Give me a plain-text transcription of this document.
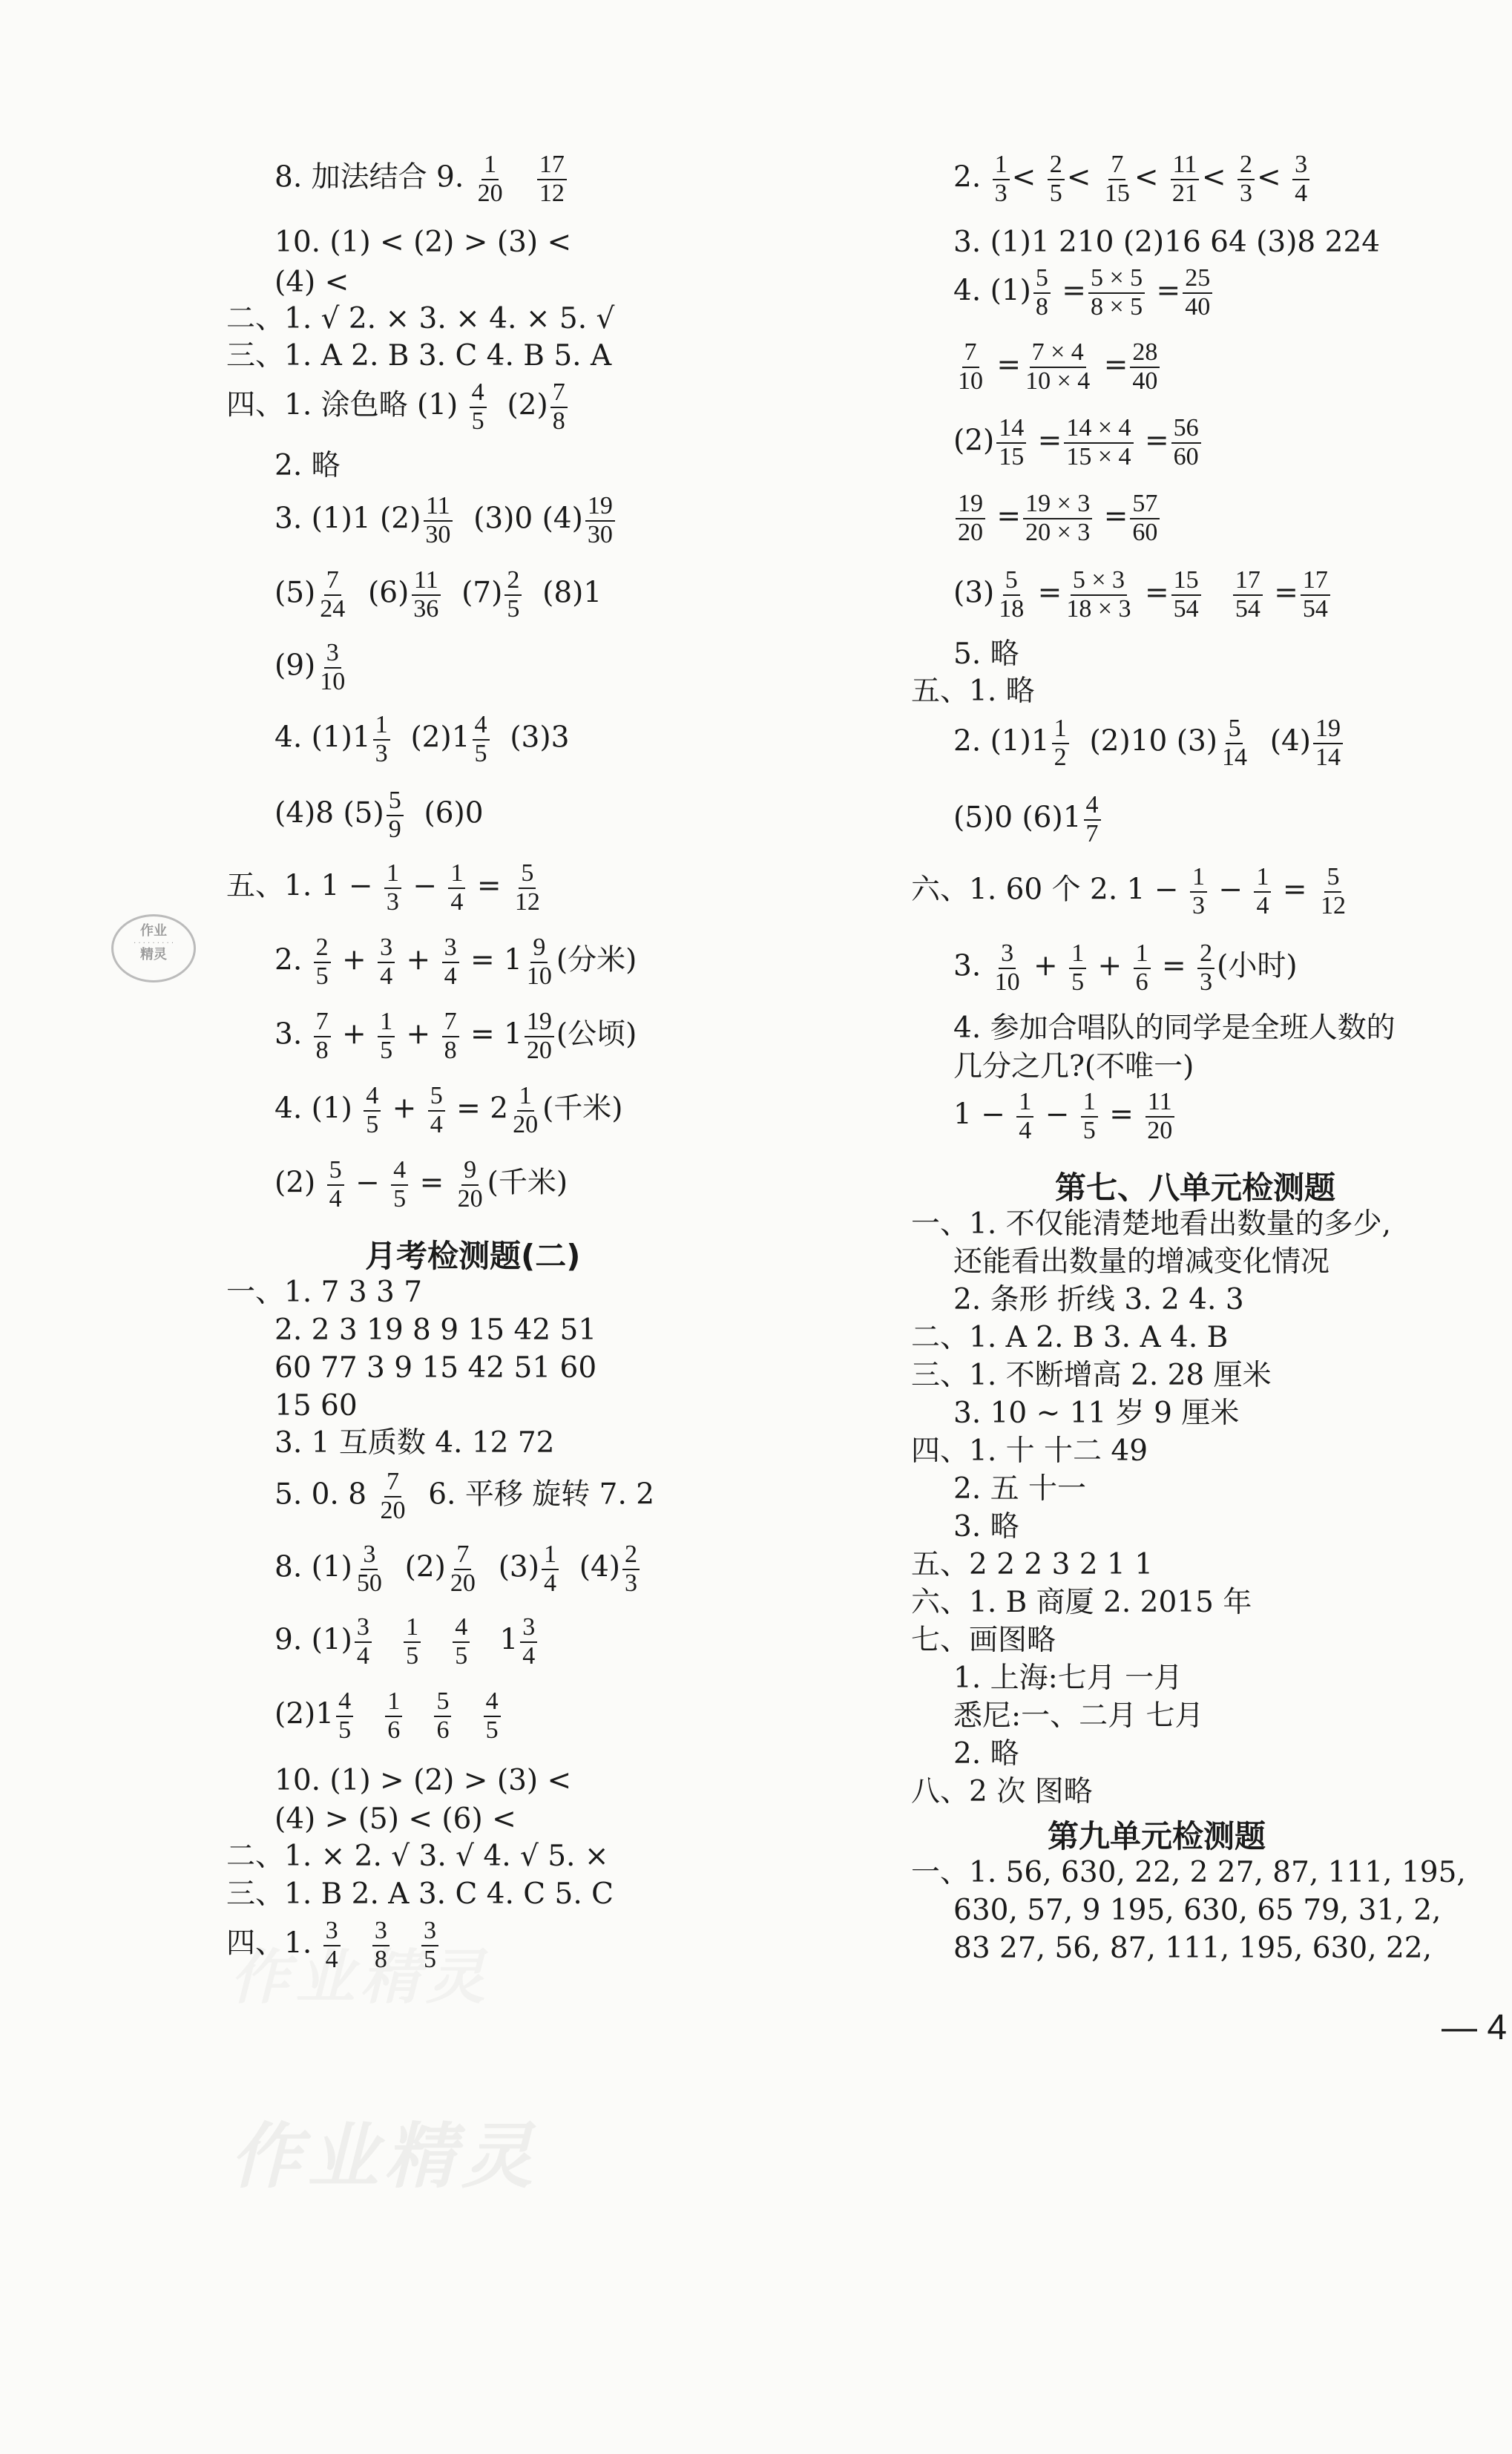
8. 加法结合 9. $\frac{1}{20}$
$\frac{17}{12}$
10. (1) < (2) > (3) <
(4) <
二、1. √ 2. × 3. × 4. × 5. √
三、1. A 2. B 3. C 4. B 5. A
四、1. 涂色略 $(1) \frac{4}{5} (2) \frac{7}{8}$
2. 略
3. (1)1 $(2) \frac{11}{30} (3)0$ $(4) \frac{19}{30}$
$(5) \frac{7}{24} (6) \frac{11}{36} (7) \frac{2}{5} (8)1$
$(9) \frac{3}{10}$
4. $(1)1 \frac{1}{3} (2)1 \frac{4}{5} (3)3$
(4)8 $(5) \frac{5}{9} (6)0$
五、1. $1 - \frac{1}{3} - \frac{1}{4} = \frac{5}{12}$
2. $\frac{2}{5} + \frac{3}{4} + \frac{3}{4} = 1 \frac{9}{10}$ (分米)
3. $\frac{7}{8} + \frac{1}{5} + \frac{7}{8} = 1 \frac{19}{20}$ (公顷)
4. $(1) \frac{4}{5} + \frac{5}{4} = 2 \frac{1}{20}$ (千米)
$(2) \frac{5}{4} - \frac{4}{5} = \frac{9}{20}$ (千米)
月考检测题(二)
一、1. 7 3 3 7
2. 2 3 19 8 9 15 42 51
60 77 3 9 15 42 51 60
15 60
3. 1 互质数 4. 12 72
5. 0. $8 \frac{7}{20} 6$. 平移 旋转 7. 2
8. $(1) \frac{3}{50} (2) \frac{7}{20} (3) \frac{1}{4} (4) \frac{2}{3}$
9. $(1) \frac{3}{4}$
$\frac{1}{5}$
$\frac{4}{5} 1 \frac{3}{4}$
$(2)1 \frac{4}{5}$
$\frac{1}{6}$
$\frac{5}{6}$
$\frac{4}{5}$
10. (1) > (2) > (3) <
(4) > (5) < (6) <
二、1. × 2. √ 3. √ 4. √ 5. ×
三、1. B 2. A 3. C 4. C 5. C
四、1. $\frac{3}{4}$
$\frac{3}{8}$
$\frac{3}{5}$
2. $\frac{1}{3} < \frac{2}{5} < \frac{7}{15} < \frac{11}{21} < \frac{2}{3} < \frac{3}{4}$
3. (1)1 210 (2)16 64 (3)8 224
4. $(1) \frac{5}{8} = \frac{5 \times 5}{8 \times 5} = \frac{25}{40}$
$\frac{7}{10} = \frac{7 \times 4}{10 \times 4} = \frac{28}{40}$
$(2) \frac{14}{15} = \frac{14 \times 4}{15 \times 4} = \frac{56}{60}$
$\frac{19}{20} = \frac{19 \times 3}{20 \times 3} = \frac{57}{60}$
$(3) \frac{5}{18} = \frac{5 \times 3}{18 \times 3} = \frac{15}{54}$
$\frac{17}{54} = \frac{17}{54}$
5. 略
五、1. 略
2. $(1)1 \frac{1}{2} (2)10$ $(3) \frac{5}{14} (4) \frac{19}{14}$
(5)0 $(6)1 \frac{4}{7}$
六、1. 60 个 2. $1 - \frac{1}{3} - \frac{1}{4} = \frac{5}{12}$
3. $\frac{3}{10} + \frac{1}{5} + \frac{1}{6} = \frac{2}{3}$ (小时)
4. 参加合唱队的同学是全班人数的
几分之几?(不唯一)
$1 - \frac{1}{4} - \frac{1}{5} = \frac{11}{20}$
第七、八单元检测题
一、1. 不仅能清楚地看出数量的多少,
还能看出数量的增减变化情况
2. 条形 折线 3. 2 4. 3
二、1. A 2. B 3. A 4. B
三、1. 不断增高 2. 28 厘米
3. 10 ~ 11 岁 9 厘米
四、1. 十 十二 49
2. 五 十一
3. 略
五、2 2 2 3 2 1 1
六、1. B 商厦 2. 2015 年
七、画图略
1. 上海:七月 一月
悉尼:一、二月 七月
2. 略
八、2 次 图略
第九单元检测题
一、1. 56, 630, 22, 2 27, 87, 111, 195,
630, 57, 9 195, 630, 65 79, 31, 2,
83 27, 56, 87, 111, 195, 630, 22,
— 4
作业
· · · · · · · · ·
精灵
作业精灵
